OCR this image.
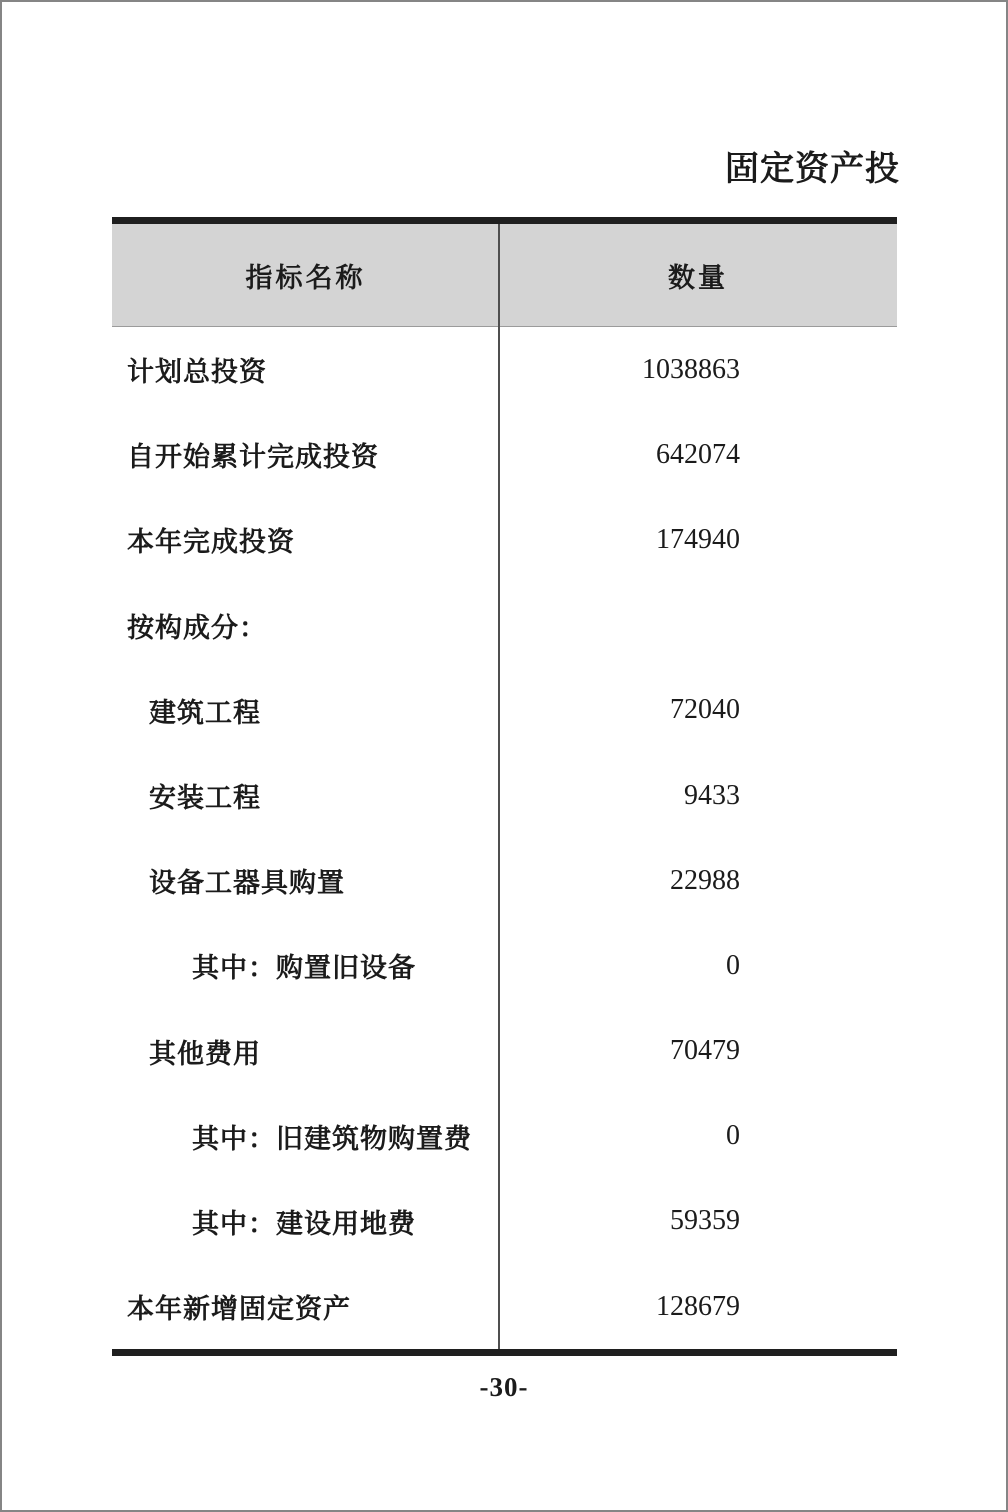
固定资产投
指标名称	数量
计划总投资	1038863
自开始累计完成投资	642074
本年完成投资	174940
按构成分：
建筑工程	72040
安装工程	9433
设备工器具购置	22988
其中：购置旧设备	0
其他费用	70479
其中：旧建筑物购置费	0
其中：建设用地费	59359
本年新增固定资产	128679
-30-
